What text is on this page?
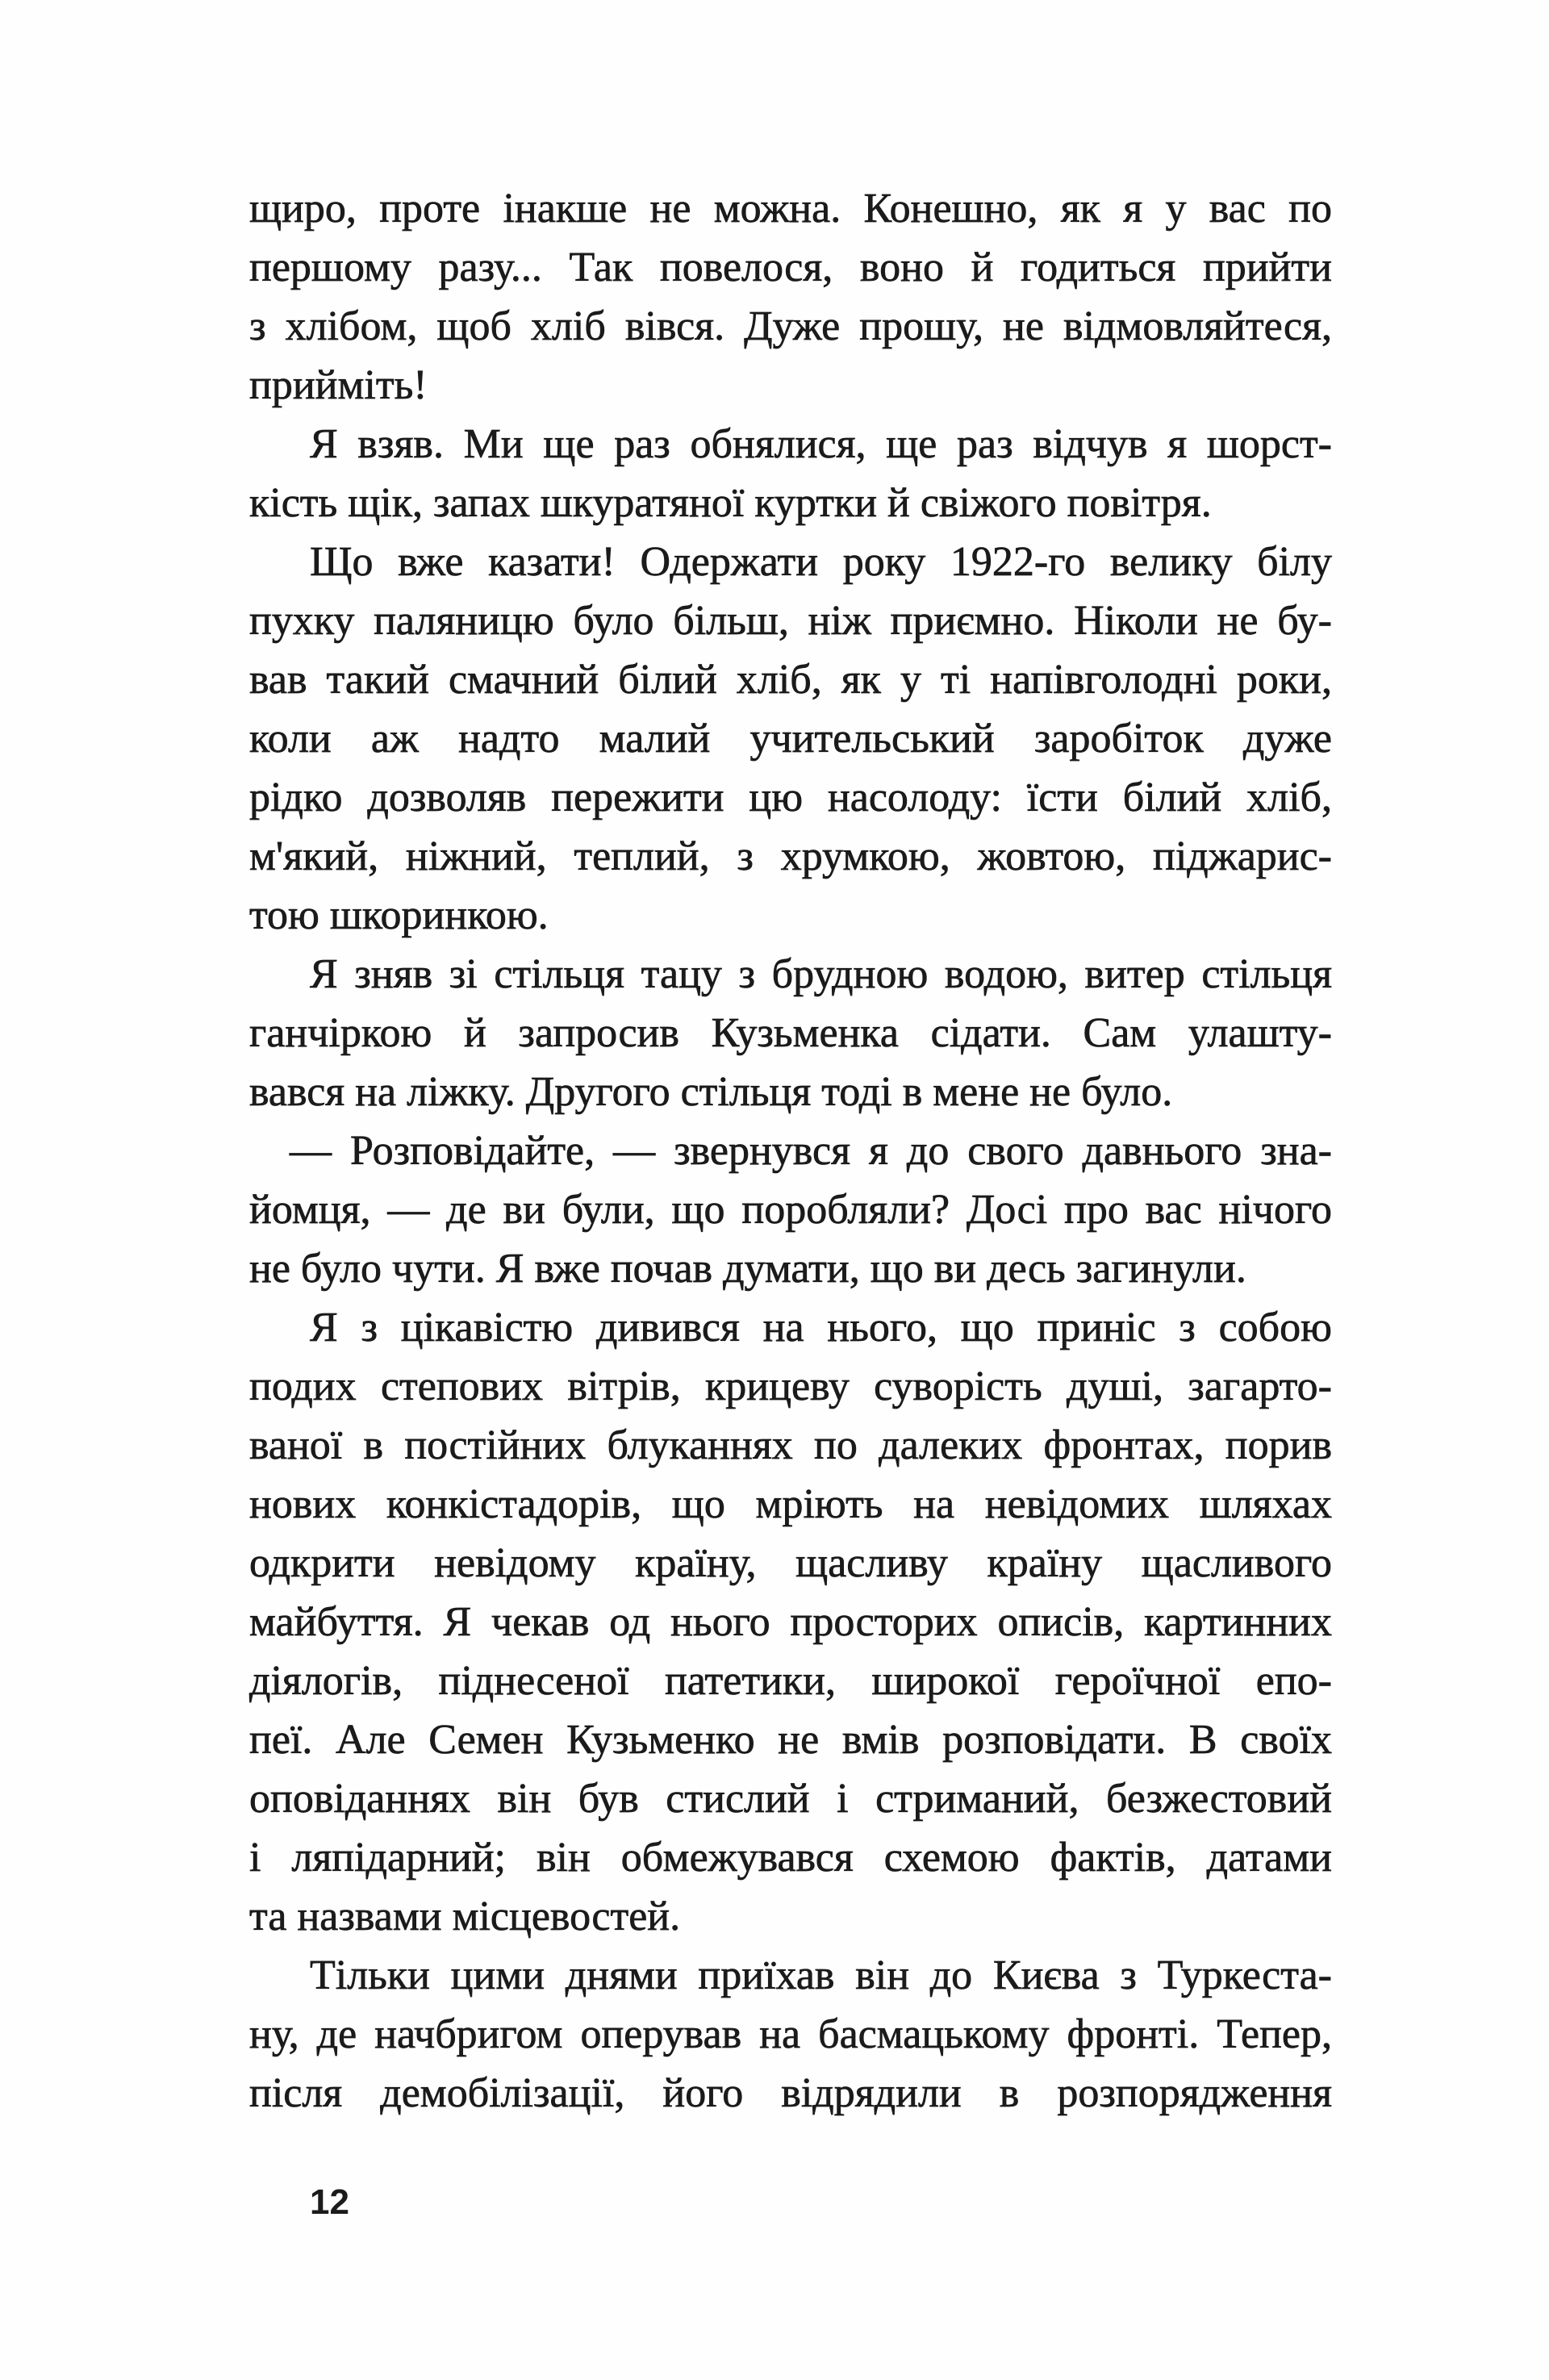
щиро, проте інакше не можна. Конешно, як я у вас по
першому разу... Так повелося, воно й годиться прийти
з хлібом, щоб хліб вівся. Дуже прошу, не відмовляйтеся,
прийміть!
Я взяв. Ми ще раз обнялися, ще раз відчув я шорст-
кість щік, запах шкуратяної куртки й свіжого повітря.
Що вже казати! Одержати року 1922-го велику білу
пухку паляницю було більш, ніж приємно. Ніколи не бу-
вав такий смачний білий хліб, як у ті напівголодні роки,
коли аж надто малий учительський заробіток дуже
рідко дозволяв пережити цю насолоду: їсти білий хліб,
м'який, ніжний, теплий, з хрумкою, жовтою, піджарис-
тою шкоринкою.
Я зняв зі стільця тацу з брудною водою, витер стільця
ганчіркою й запросив Кузьменка сідати. Сам улашту-
вався на ліжку. Другого стільця тоді в мене не було.
— Розповідайте, — звернувся я до свого давнього зна-
йомця, — де ви були, що поробляли? Досі про вас нічого
не було чути. Я вже почав думати, що ви десь загинули.
Я з цікавістю дивився на нього, що приніс з собою
подих степових вітрів, крицеву суворість душі, загарто-
ваної в постійних блуканнях по далеких фронтах, порив
нових конкістадорів, що мріють на невідомих шляхах
одкрити невідому країну, щасливу країну щасливого
майбуття. Я чекав од нього просторих описів, картинних
діялогів, піднесеної патетики, широкої героїчної епо-
пеї. Але Семен Кузьменко не вмів розповідати. В своїх
оповіданнях він був стислий і стриманий, безжестовий
і ляпідарний; він обмежувався схемою фактів, датами
та назвами місцевостей.
Тільки цими днями приїхав він до Києва з Туркеста-
ну, де начбригом оперував на басмацькому фронті. Тепер,
після демобілізації, його відрядили в розпорядження
12
